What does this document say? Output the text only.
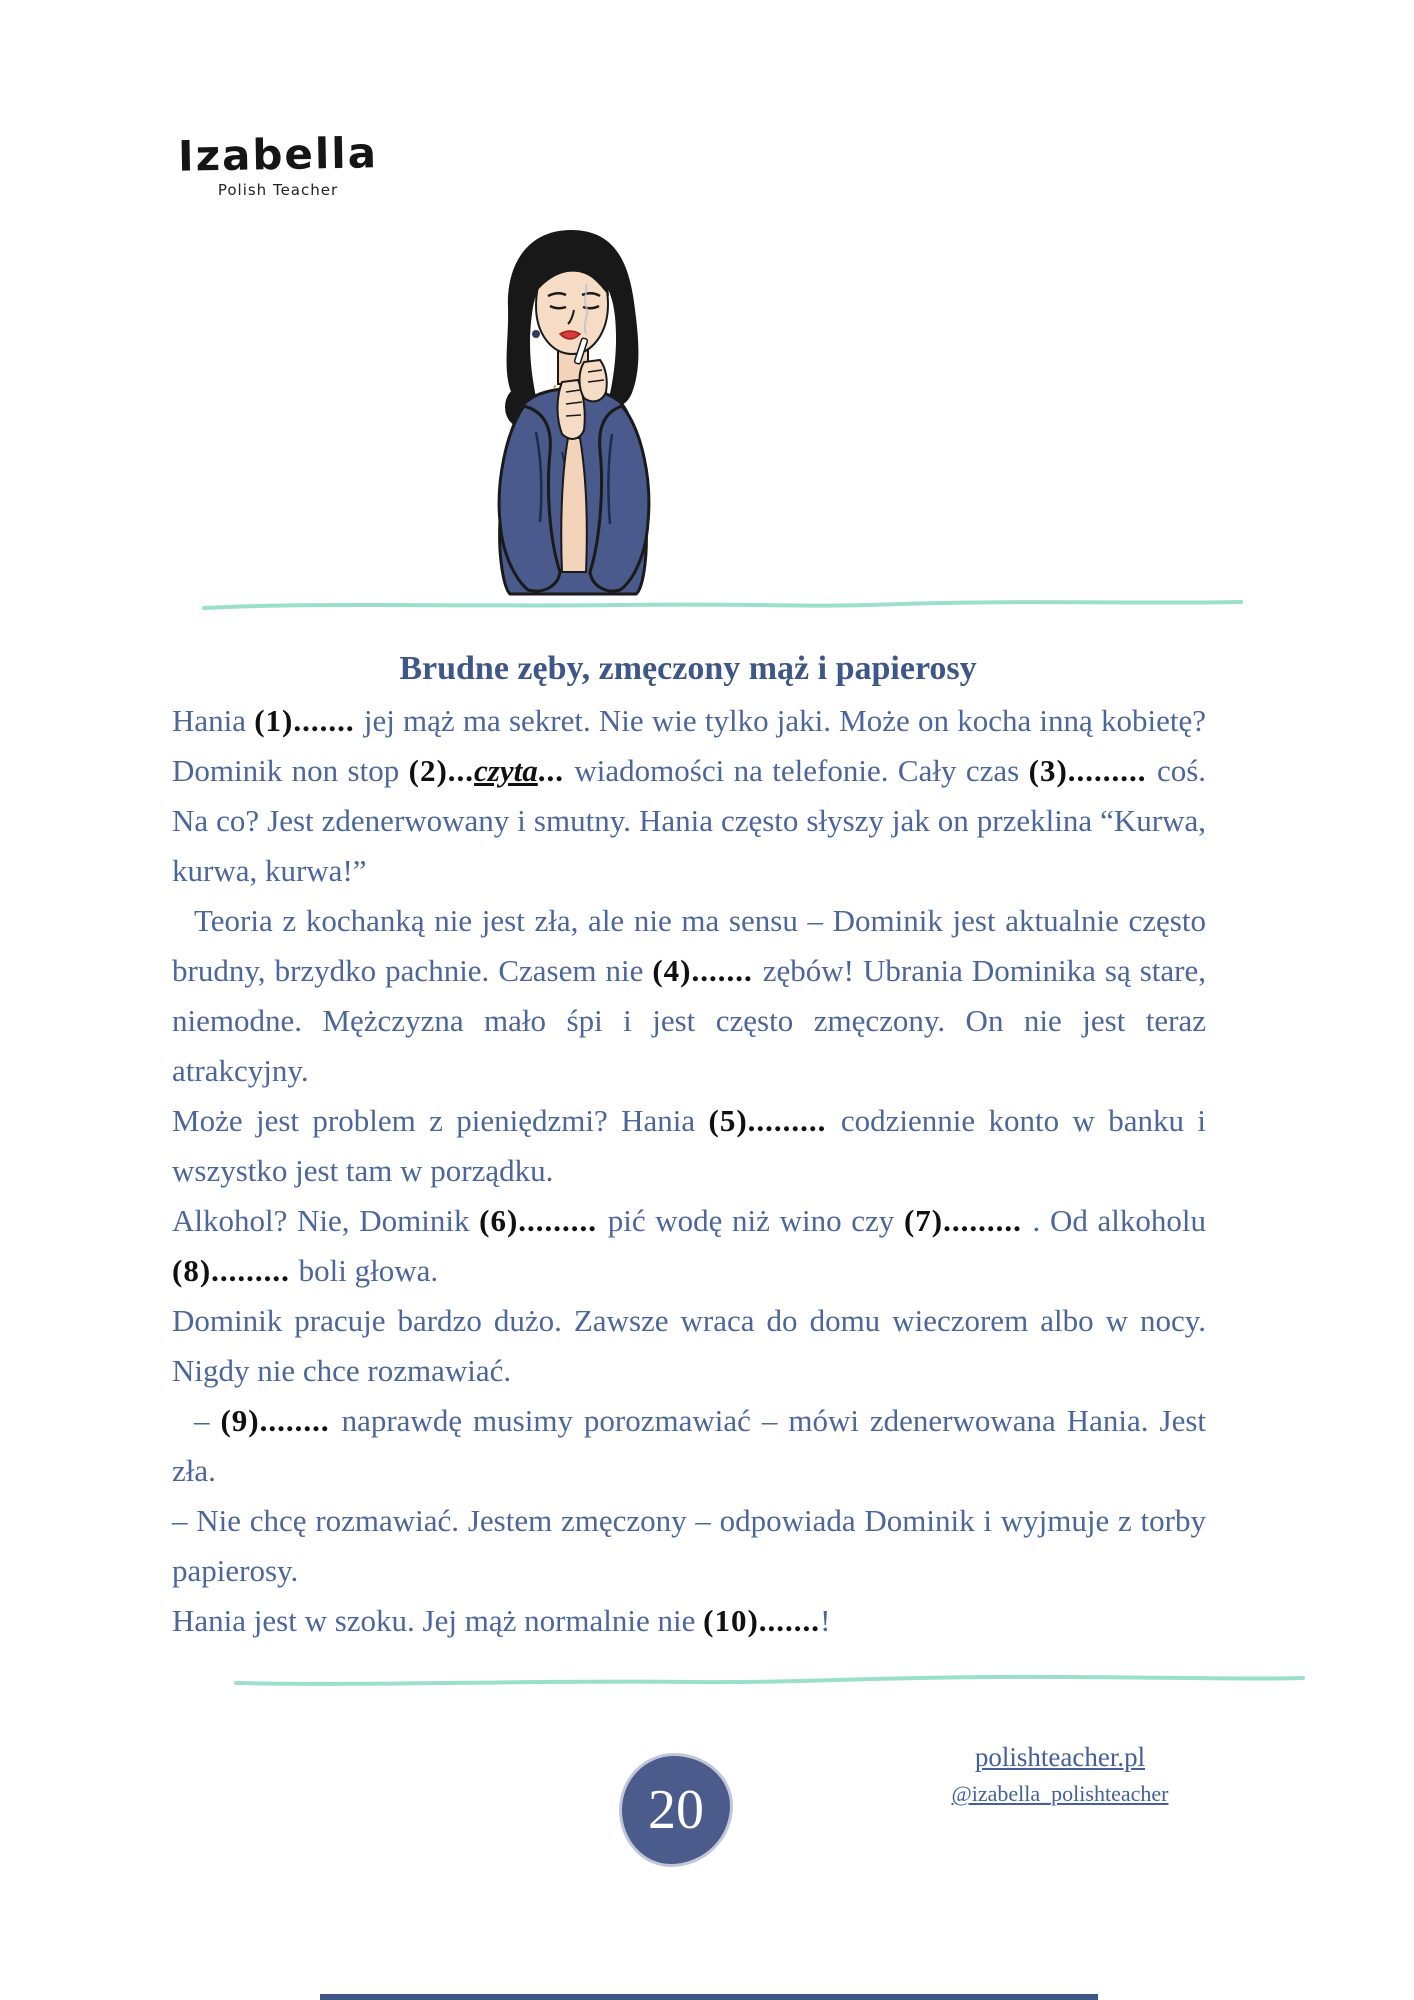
Izabella
Polish Teacher
Brudne zęby, zmęczony mąż i papierosy

Hania (1)....... jej mąż ma sekret. Nie wie tylko jaki. Może on kocha inną kobietę? Dominik non stop (2)...czyta... wiadomości na telefonie. Cały czas (3)......... coś. Na co? Jest zdenerwowany i smutny. Hania często słyszy jak on przeklina “Kurwa, kurwa, kurwa!”

Teoria z kochanką nie jest zła, ale nie ma sensu – Dominik jest aktualnie często brudny, brzydko pachnie. Czasem nie (4)....... zębów! Ubrania Dominika są stare, niemodne. Mężczyzna mało śpi i jest często zmęczony. On nie jest teraz atrakcyjny.

Może jest problem z pieniędzmi? Hania (5)......... codziennie konto w banku i wszystko jest tam w porządku.

Alkohol? Nie, Dominik (6)......... pić wodę niż wino czy (7)......... . Od alkoholu (8)......... boli głowa.

Dominik pracuje bardzo dużo. Zawsze wraca do domu wieczorem albo w nocy. Nigdy nie chce rozmawiać.

– (9)........ naprawdę musimy porozmawiać – mówi zdenerwowana Hania. Jest zła.

– Nie chcę rozmawiać. Jestem zmęczony – odpowiada Dominik i wyjmuje z torby papierosy.

Hania jest w szoku. Jej mąż normalnie nie (10).......!

20
polishteacher.pl
@izabella_polishteacher
